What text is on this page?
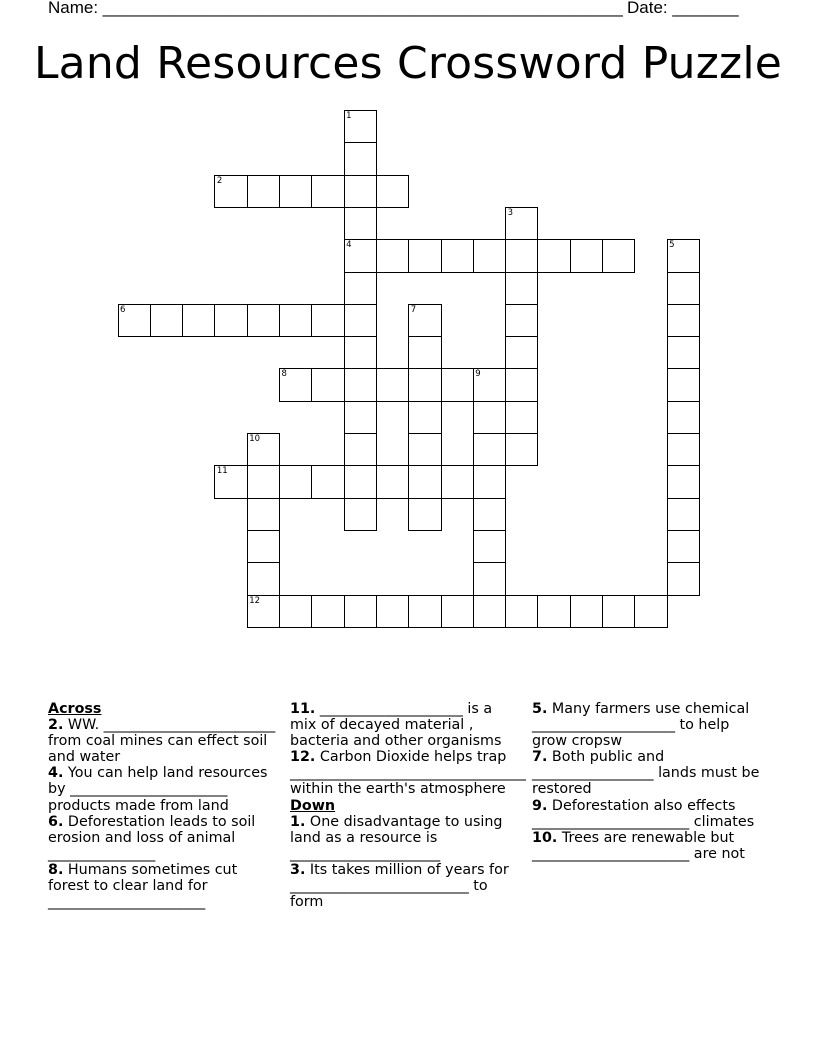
Name: _______________________________________________________ Date: _______
Land Resources Crossword Puzzle
1
2
3
4	5
6	7
8	9
10
11
12
Across
2. WW. ________________________ from coal mines can effect soil and water
4. You can help land resources by ______________________ products made from land
6. Deforestation leads to soil erosion and loss of animal _______________
8. Humans sometimes cut forest to clear land for ______________________
11. ____________________ is a mix of decayed material , bacteria and other organisms
12. Carbon Dioxide helps trap _________________________________ within the earth's atmosphere
Down
1. One disadvantage to using land as a resource is _____________________
3. Its takes million of years for _________________________ to form
5. Many farmers use chemical ____________________ to help grow cropsw
7. Both public and _________________ lands must be restored
9. Deforestation also effects ______________________ climates
10. Trees are renewable but ______________________ are not
